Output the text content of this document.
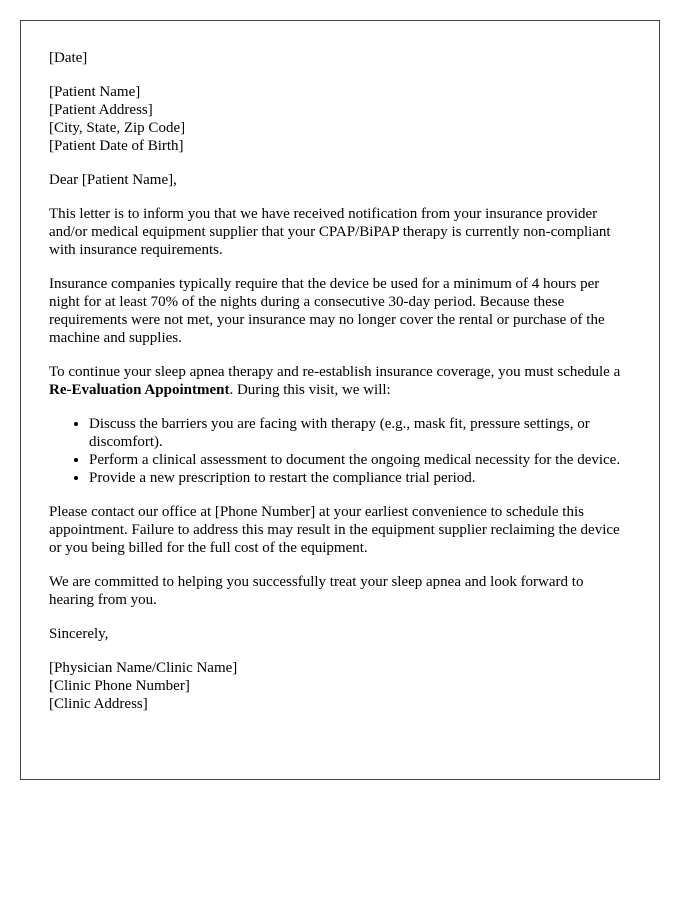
[Date]

[Patient Name]
[Patient Address]
[City, State, Zip Code]
[Patient Date of Birth]

Dear [Patient Name],

This letter is to inform you that we have received notification from your insurance provider and/or medical equipment supplier that your CPAP/BiPAP therapy is currently non-compliant with insurance requirements.

Insurance companies typically require that the device be used for a minimum of 4 hours per night for at least 70% of the nights during a consecutive 30-day period. Because these requirements were not met, your insurance may no longer cover the rental or purchase of the machine and supplies.

To continue your sleep apnea therapy and re-establish insurance coverage, you must schedule a Re-Evaluation Appointment. During this visit, we will:

• Discuss the barriers you are facing with therapy (e.g., mask fit, pressure settings, or discomfort).
• Perform a clinical assessment to document the ongoing medical necessity for the device.
• Provide a new prescription to restart the compliance trial period.

Please contact our office at [Phone Number] at your earliest convenience to schedule this appointment. Failure to address this may result in the equipment supplier reclaiming the device or you being billed for the full cost of the equipment.

We are committed to helping you successfully treat your sleep apnea and look forward to hearing from you.

Sincerely,

[Physician Name/Clinic Name]
[Clinic Phone Number]
[Clinic Address]
